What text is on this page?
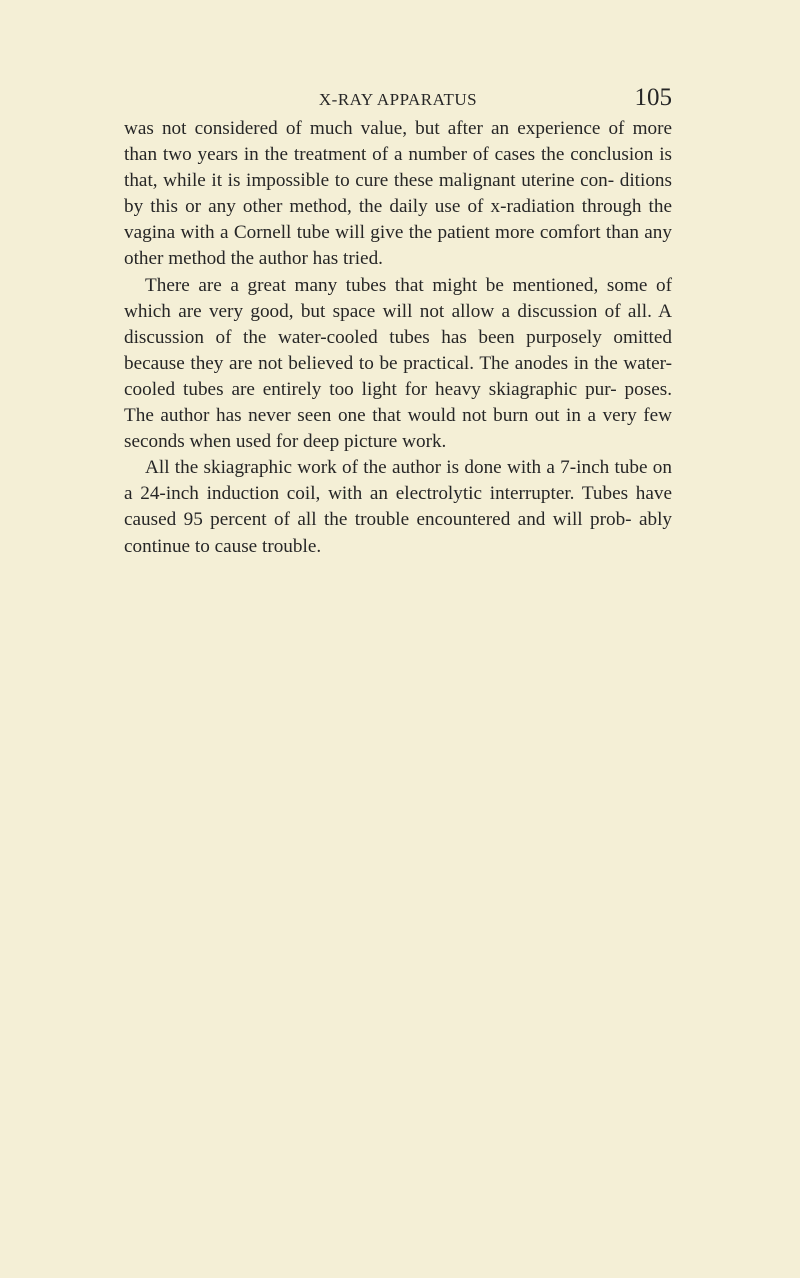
X-RAY APPARATUS	105

was not considered of much value, but after an experience of more than two years in the treatment of a number of cases the conclusion is that, while it is impossible to cure these malignant uterine con- ditions by this or any other method, the daily use of x-radiation through the vagina with a Cornell tube will give the patient more comfort than any other method the author has tried.

There are a great many tubes that might be mentioned, some of which are very good, but space will not allow a discussion of all. A discussion of the water-cooled tubes has been purposely omitted because they are not believed to be practical. The anodes in the water-cooled tubes are entirely too light for heavy skiagraphic pur- poses. The author has never seen one that would not burn out in a very few seconds when used for deep picture work.

All the skiagraphic work of the author is done with a 7-inch tube on a 24-inch induction coil, with an electrolytic interrupter. Tubes have caused 95 percent of all the trouble encountered and will prob- ably continue to cause trouble.
